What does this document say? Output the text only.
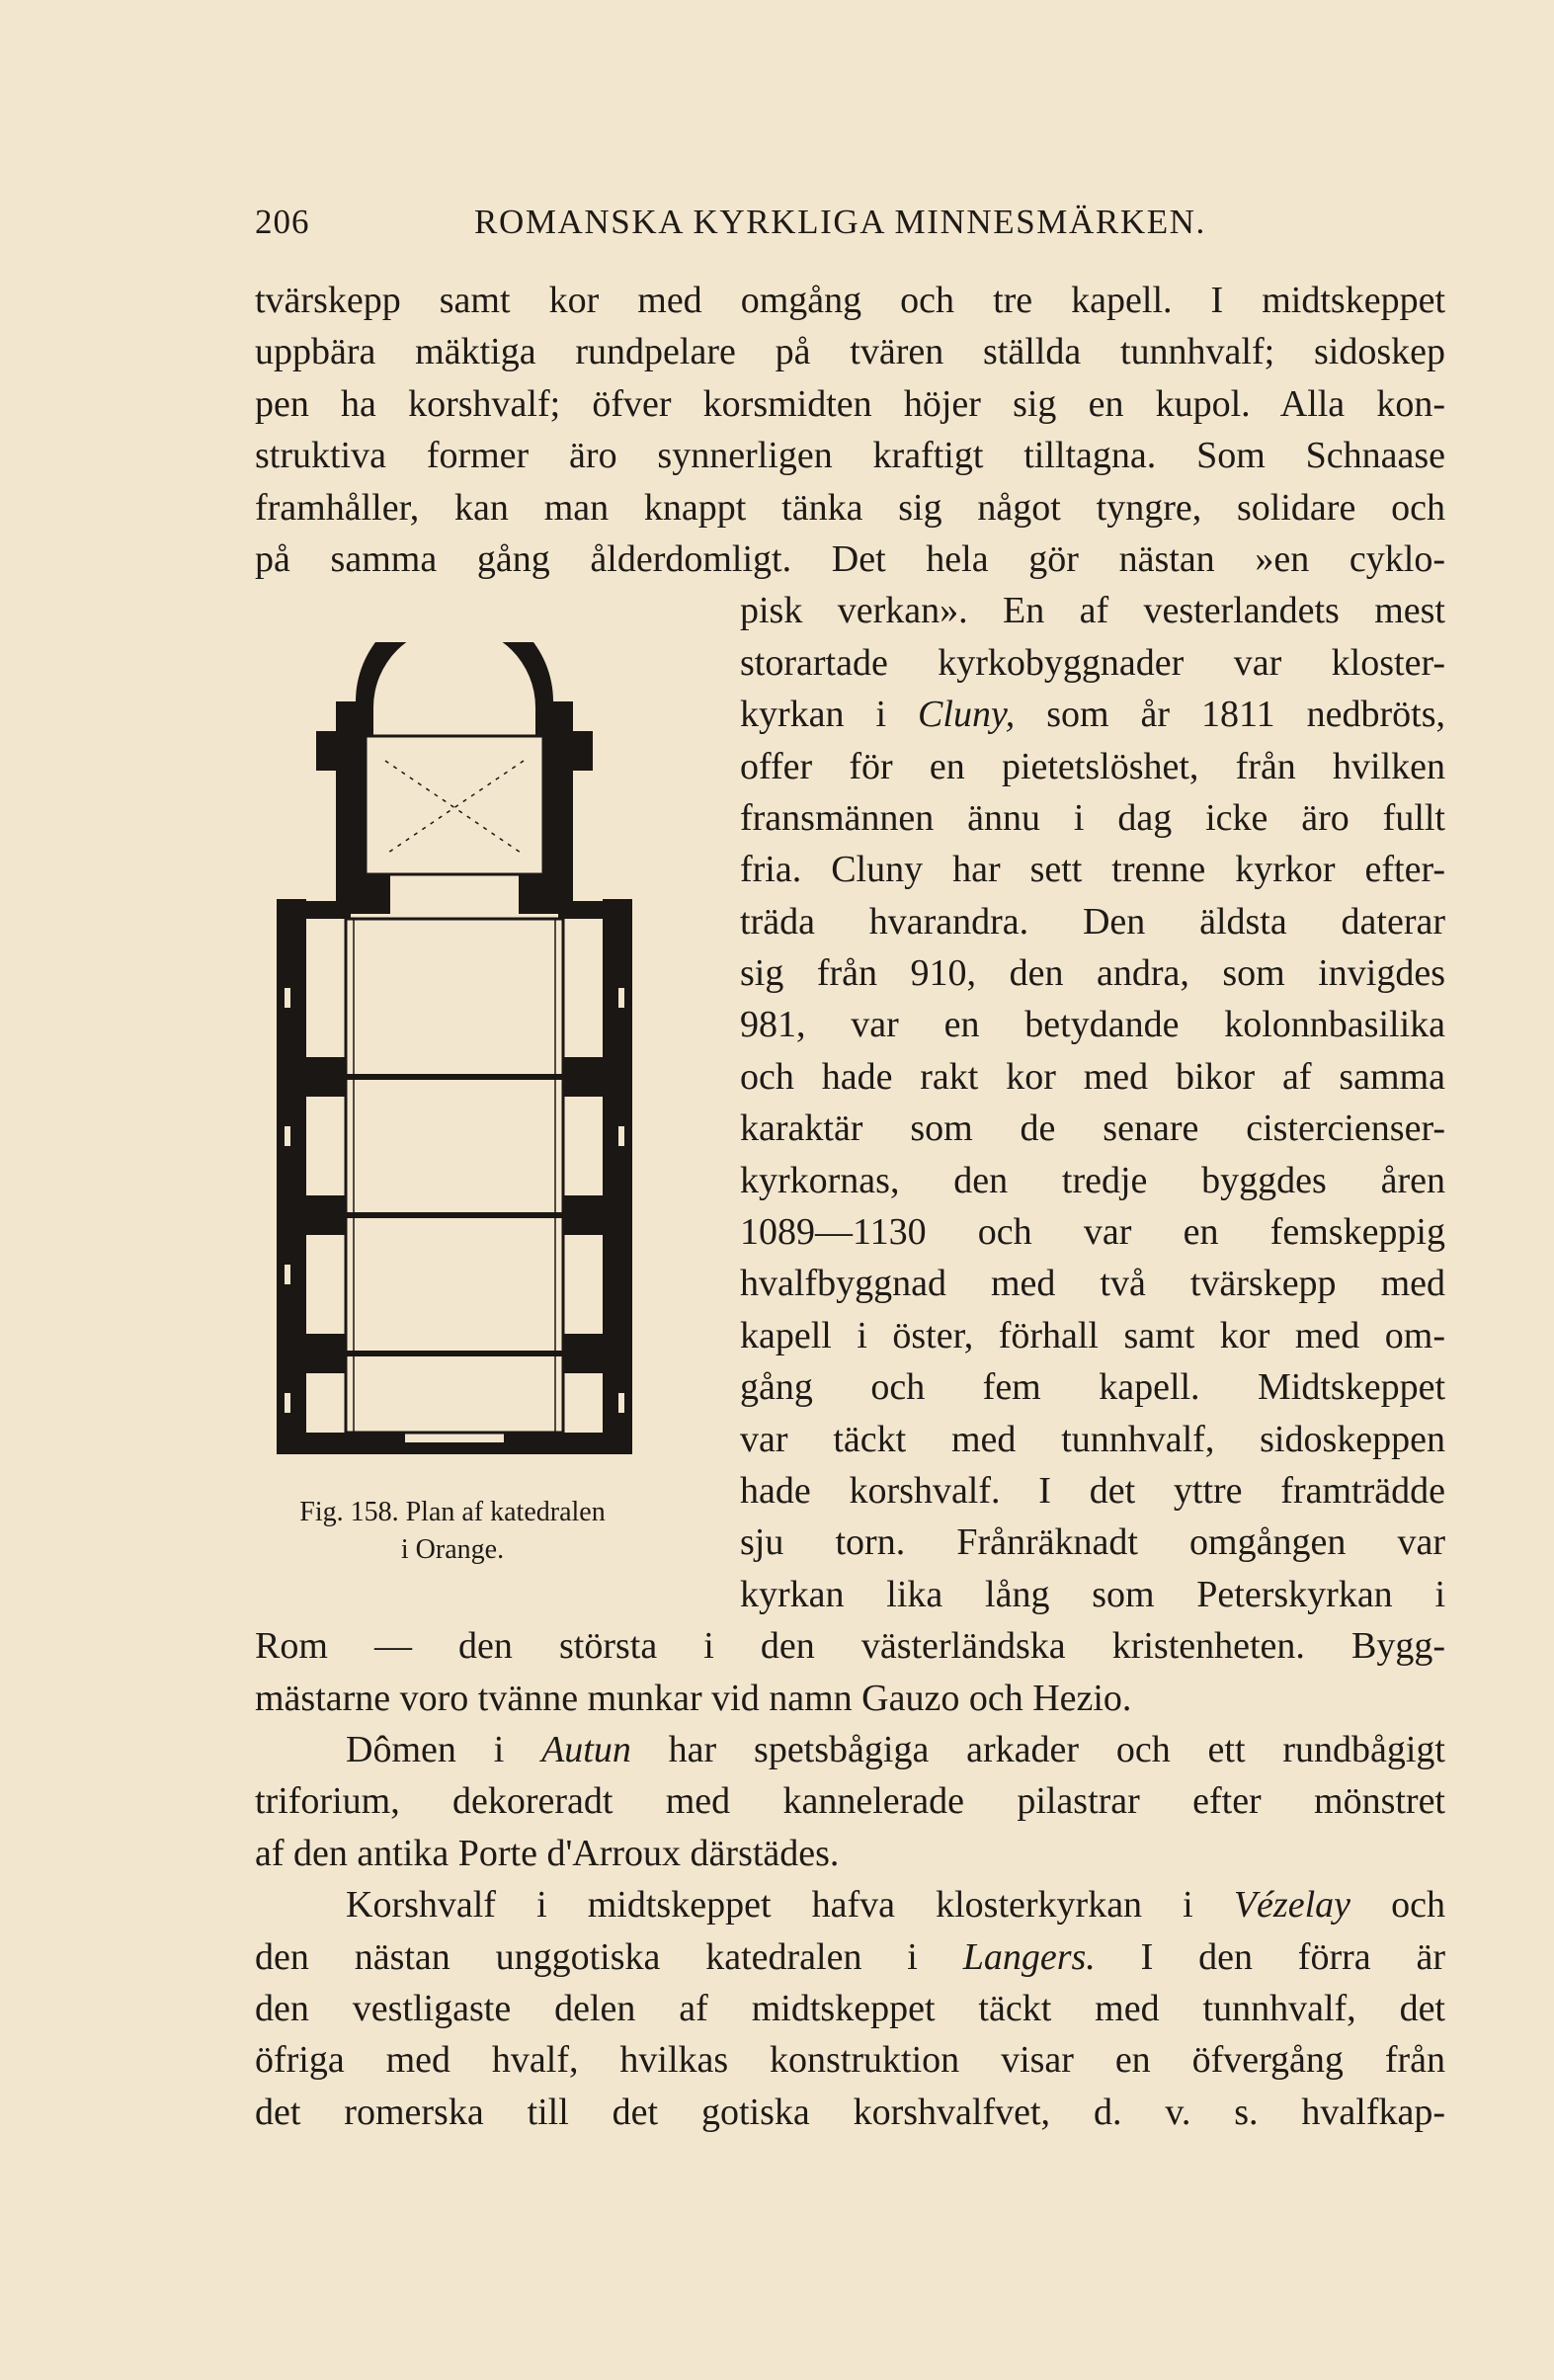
206	ROMANSKA KYRKLIGA MINNESMÄRKEN.
Fig. 158. Plan af katedralen
i Orange.
tvärskepp samt kor med omgång och tre kapell. I midtskeppet
uppbära mäktiga rundpelare på tvären ställda tunnhvalf; sidoskep
pen ha korshvalf; öfver korsmidten höjer sig en kupol. Alla kon-
struktiva former äro synnerligen kraftigt tilltagna. Som Schnaase
framhåller, kan man knappt tänka sig något tyngre, solidare och
på samma gång ålderdomligt. Det hela gör nästan »en cyklo-
pisk verkan». En af vesterlandets mest
storartade kyrkobyggnader var kloster-
kyrkan i Cluny, som år 1811 nedbröts,
offer för en pietetslöshet, från hvilken
fransmännen ännu i dag icke äro fullt
fria. Cluny har sett trenne kyrkor efter-
träda hvarandra. Den äldsta daterar
sig från 910, den andra, som invigdes
981, var en betydande kolonnbasilika
och hade rakt kor med bikor af samma
karaktär som de senare cistercienser-
kyrkornas, den tredje byggdes åren
1089—1130 och var en femskeppig
hvalfbyggnad med två tvärskepp med
kapell i öster, förhall samt kor med om-
gång och fem kapell. Midtskeppet
var täckt med tunnhvalf, sidoskeppen
hade korshvalf. I det yttre framträdde
sju torn. Frånräknadt omgången var
kyrkan lika lång som Peterskyrkan i
Rom — den största i den västerländska kristenheten. Bygg-
mästarne voro tvänne munkar vid namn Gauzo och Hezio.
Dômen i Autun har spetsbågiga arkader och ett rundbågigt
triforium, dekoreradt med kannelerade pilastrar efter mönstret
af den antika Porte d'Arroux därstädes.
Korshvalf i midtskeppet hafva klosterkyrkan i Vézelay och
den nästan unggotiska katedralen i Langers. I den förra är
den vestligaste delen af midtskeppet täckt med tunnhvalf, det
öfriga med hvalf, hvilkas konstruktion visar en öfvergång från
det romerska till det gotiska korshvalfvet, d. v. s. hvalfkap-
